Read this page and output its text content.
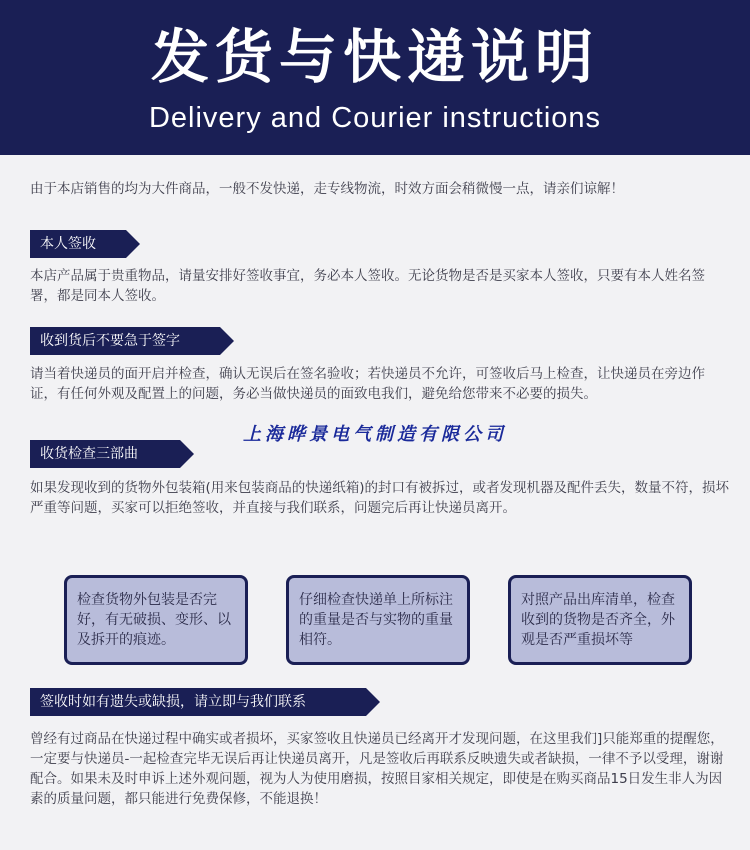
发货与快递说明
Delivery and Courier instructions

由于本店销售的均为大件商品，一般不发快递，走专线物流，时效方面会稍微慢一点，请亲们谅解！
本人签收
本店产品属于贵重物品，请量安排好签收事宜，务必本人签收。无论货物是否是买家本人签收，只要有本人姓名签署，都是同本人签收。
收到货后不要急于签字
请当着快递员的面开启并检查，确认无误后在签名验收；若快递员不允许，可签收后马上检查，让快递员在旁边作证，有任何外观及配置上的问题，务必当做快递员的面致电我们，避免给您带来不必要的损失。
上海晔景电气制造有限公司
收货检查三部曲
如果发现收到的货物外包装箱(用来包装商品的快递纸箱)的封口有被拆过，或者发现机器及配件丢失，数量不符，损坏严重等问题，买家可以拒绝签收，并直接与我们联系，问题完后再让快递员离开。
检查货物外包装是否完好，有无破损、变形、以及拆开的痕迹。
仔细检查快递单上所标注的重量是否与实物的重量相符。
对照产品出库清单，检查收到的货物是否齐全，外观是否严重损坏等
签收时如有遗失或缺损，请立即与我们联系
曾经有过商品在快递过程中确实或者损坏，买家签收且快递员已经离开才发现问题，在这里我们]只能郑重的提醒您，一定要与快递员-一起检查完毕无误后再让快递员离开，凡是签收后再联系反映遗失或者缺损，一律不予以受理，谢谢配合。如果未及时申诉上述外观问题，视为人为使用磨损，按照目家相关规定，即使是在购买商品15日发生非人为因素的质量问题，都只能进行免费保修，不能退换！
